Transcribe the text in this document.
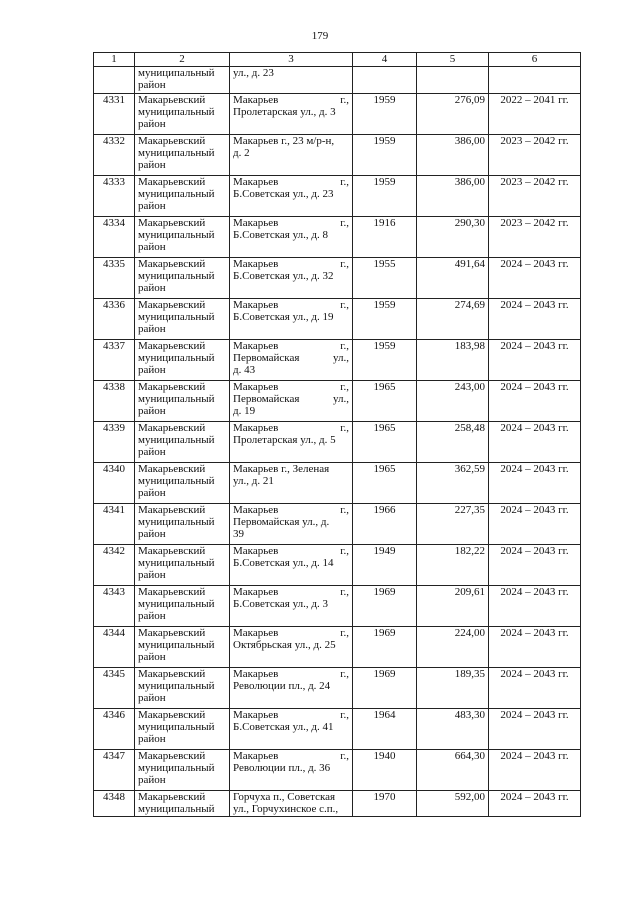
179
1	2	3	4	5	6

	муниципальный
район	ул., д. 23			

4331	Макарьевский
муниципальный
район	Макарьев г.,
Пролетарская ул., д. 3	1959	276,09	2022 – 2041 гг.
4332	Макарьевский
муниципальный
район	Макарьев г., 23 м/р-н,
д. 2	1959	386,00	2023 – 2042 гг.
4333	Макарьевский
муниципальный
район	Макарьев г.,
Б.Советская ул., д. 23	1959	386,00	2023 – 2042 гг.
4334	Макарьевский
муниципальный
район	Макарьев г.,
Б.Советская ул., д. 8	1916	290,30	2023 – 2042 гг.
4335	Макарьевский
муниципальный
район	Макарьев г.,
Б.Советская ул., д. 32	1955	491,64	2024 – 2043 гг.
4336	Макарьевский
муниципальный
район	Макарьев г.,
Б.Советская ул., д. 19	1959	274,69	2024 – 2043 гг.
4337	Макарьевский
муниципальный
район	Макарьев г.,
Первомайская ул.,
д. 43	1959	183,98	2024 – 2043 гг.
4338	Макарьевский
муниципальный
район	Макарьев г.,
Первомайская ул.,
д. 19	1965	243,00	2024 – 2043 гг.
4339	Макарьевский
муниципальный
район	Макарьев г.,
Пролетарская ул., д. 5	1965	258,48	2024 – 2043 гг.
4340	Макарьевский
муниципальный
район	Макарьев г., Зеленая
ул., д. 21	1965	362,59	2024 – 2043 гг.
4341	Макарьевский
муниципальный
район	Макарьев г.,
Первомайская ул., д.
39	1966	227,35	2024 – 2043 гг.
4342	Макарьевский
муниципальный
район	Макарьев г.,
Б.Советская ул., д. 14	1949	182,22	2024 – 2043 гг.
4343	Макарьевский
муниципальный
район	Макарьев г.,
Б.Советская ул., д. 3	1969	209,61	2024 – 2043 гг.
4344	Макарьевский
муниципальный
район	Макарьев г.,
Октябрьская ул., д. 25	1969	224,00	2024 – 2043 гг.
4345	Макарьевский
муниципальный
район	Макарьев г.,
Революции пл., д. 24	1969	189,35	2024 – 2043 гг.
4346	Макарьевский
муниципальный
район	Макарьев г.,
Б.Советская ул., д. 41	1964	483,30	2024 – 2043 гг.
4347	Макарьевский
муниципальный
район	Макарьев г.,
Революции пл., д. 36	1940	664,30	2024 – 2043 гг.
4348	Макарьевский
муниципальный	Горчуха п., Советская
ул., Горчухинское с.п.,	1970	592,00	2024 – 2043 гг.
